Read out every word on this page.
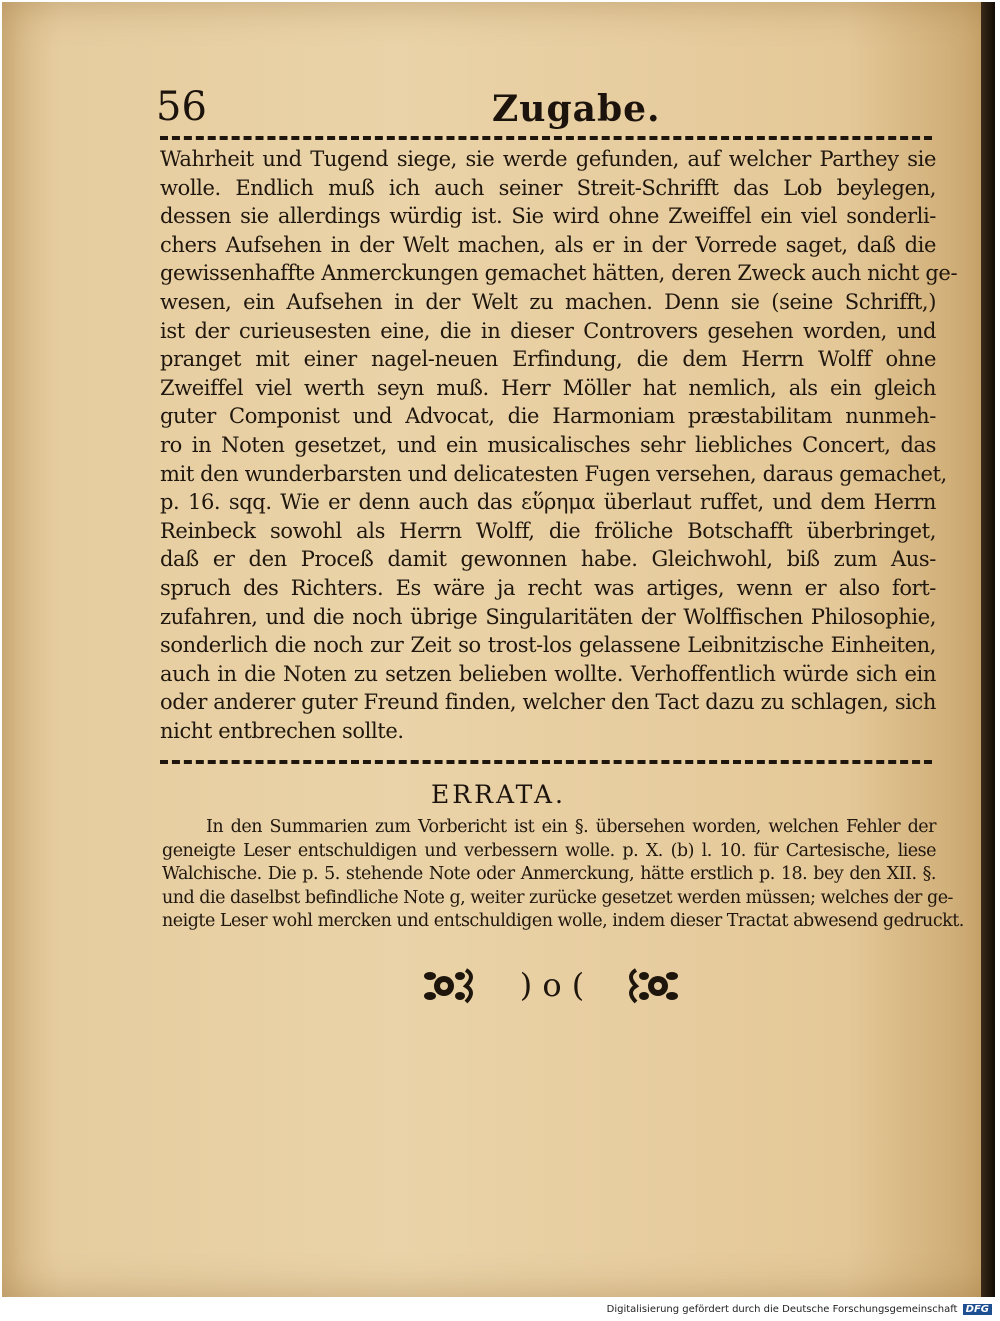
56	Zugabe.
Wahrheit und Tugend siege, sie werde gefunden, auf welcher Parthey sie
wolle. Endlich muß ich auch seiner Streit-Schrifft das Lob beylegen,
dessen sie allerdings würdig ist. Sie wird ohne Zweiffel ein viel sonderli-
chers Aufsehen in der Welt machen, als er in der Vorrede saget, daß die
gewissenhaffte Anmerckungen gemachet hätten, deren Zweck auch nicht ge-
wesen, ein Aufsehen in der Welt zu machen. Denn sie (seine Schrifft,)
ist der curieusesten eine, die in dieser Controvers gesehen worden, und
pranget mit einer nagel-neuen Erfindung, die dem Herrn Wolff ohne
Zweiffel viel werth seyn muß. Herr Möller hat nemlich, als ein gleich
guter Componist und Advocat, die Harmoniam præstabilitam nunmeh-
ro in Noten gesetzet, und ein musicalisches sehr liebliches Concert, das
mit den wunderbarsten und delicatesten Fugen versehen, daraus gemachet,
p. 16. sqq. Wie er denn auch das εὕρημα überlaut ruffet, und dem Herrn
Reinbeck sowohl als Herrn Wolff, die fröliche Botschafft überbringet,
daß er den Proceß damit gewonnen habe. Gleichwohl, biß zum Aus-
spruch des Richters. Es wäre ja recht was artiges, wenn er also fort-
zufahren, und die noch übrige Singularitäten der Wolffischen Philosophie,
sonderlich die noch zur Zeit so trost-los gelassene Leibnitzische Einheiten,
auch in die Noten zu setzen belieben wollte. Verhoffentlich würde sich ein
oder anderer guter Freund finden, welcher den Tact dazu zu schlagen, sich
nicht entbrechen sollte.
ERRATA.
In den Summarien zum Vorbericht ist ein §. übersehen worden, welchen Fehler der
geneigte Leser entschuldigen und verbessern wolle. p. X. (b) l. 10. für Cartesische, liese
Walchische. Die p. 5. stehende Note oder Anmerckung, hätte erstlich p. 18. bey den XII. §.
und die daselbst befindliche Note g, weiter zurücke gesetzet werden müssen; welches der ge-
neigte Leser wohl mercken und entschuldigen wolle, indem dieser Tractat abwesend gedruckt.
) o (
Digitalisierung gefördert durch die Deutsche Forschungsgemeinschaft DFG
